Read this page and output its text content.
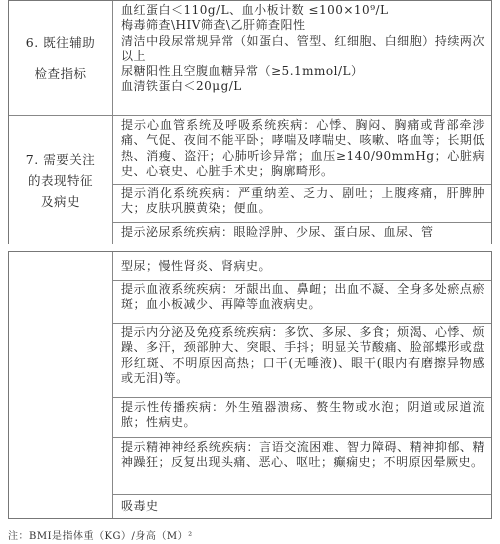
6. 既往辅助
检查指标
血红蛋白＜110g/L、血小板计数 ≤100×10⁹/L
梅毒筛查\HIV筛查\乙肝筛查阳性
清洁中段尿常规异常（如蛋白、管型、红细胞、白细胞）持续两次以上
尿糖阳性且空腹血糖异常（≥5.1mmol/L）
血清铁蛋白＜20μg/L
7. 需要关注
的表现特征
及病史
提示心血管系统及呼吸系统疾病：心悸、胸闷、胸痛或背部牵涉痛、气促、夜间不能平卧；哮喘及哮喘史、咳嗽、咯血等；长期低热、消瘦、盗汗；心肺听诊异常；血压≥140/90mmHg；心脏病史、心衰史、心脏手术史；胸廓畸形。
提示消化系统疾病：严重纳差、乏力、剧吐；上腹疼痛，肝脾肿大；皮肤巩膜黄染；便血。
提示泌尿系统疾病：眼睑浮肿、少尿、蛋白尿、血尿、管
型尿；慢性肾炎、肾病史。
提示血液系统疾病：牙龈出血、鼻衄；出血不凝、全身多处瘀点瘀斑；血小板减少、再障等血液病史。
提示内分泌及免疫系统疾病：多饮、多尿、多食；烦渴、心悸、烦躁、多汗，颈部肿大、突眼、手抖；明显关节酸痛、脸部蝶形或盘形红斑、不明原因高热；口干(无唾液)、眼干(眼内有磨擦异物感或无泪)等。
提示性传播疾病：外生殖器溃疡、赘生物或水泡；阴道或尿道流脓；性病史。
提示精神神经系统疾病：言语交流困难、智力障碍、精神抑郁、精神躁狂；反复出现头痛、恶心、呕吐；癫痫史；不明原因晕厥史。
吸毒史
注：BMI是指体重（KG）/身高（M）²
